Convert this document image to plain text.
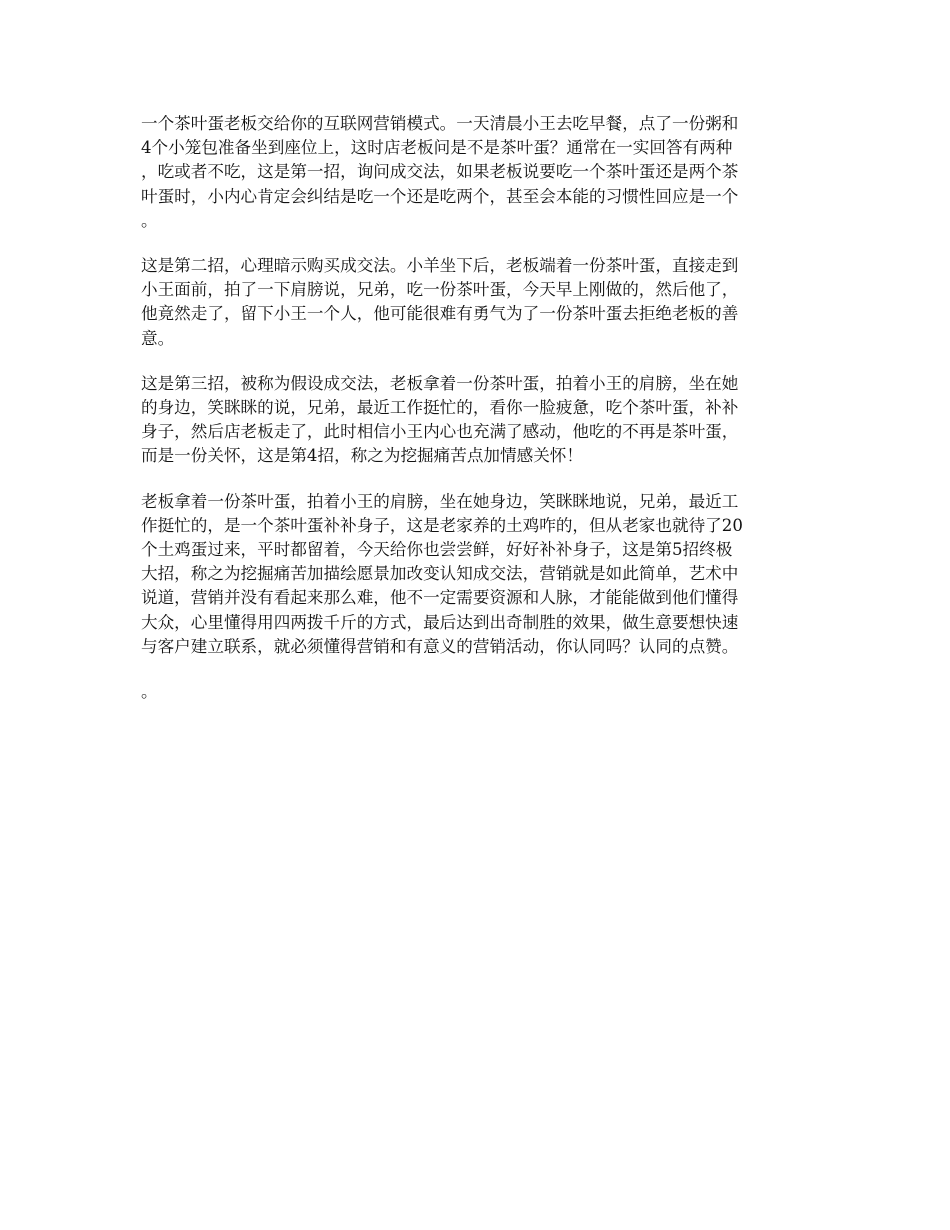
一个茶叶蛋老板交给你的互联网营销模式。一天清晨小王去吃早餐，点了一份粥和
4个小笼包准备坐到座位上，这时店老板问是不是茶叶蛋？通常在一实回答有两种
，吃或者不吃，这是第一招，询问成交法，如果老板说要吃一个茶叶蛋还是两个茶
叶蛋时，小内心肯定会纠结是吃一个还是吃两个，甚至会本能的习惯性回应是一个
。

这是第二招，心理暗示购买成交法。小羊坐下后，老板端着一份茶叶蛋，直接走到
小王面前，拍了一下肩膀说，兄弟，吃一份茶叶蛋，今天早上刚做的，然后他了，
他竟然走了，留下小王一个人，他可能很难有勇气为了一份茶叶蛋去拒绝老板的善
意。

这是第三招，被称为假设成交法，老板拿着一份茶叶蛋，拍着小王的肩膀，坐在她
的身边，笑眯眯的说，兄弟，最近工作挺忙的，看你一脸疲惫，吃个茶叶蛋，补补
身子，然后店老板走了，此时相信小王内心也充满了感动，他吃的不再是茶叶蛋，
而是一份关怀，这是第4招，称之为挖掘痛苦点加情感关怀！

老板拿着一份茶叶蛋，拍着小王的肩膀，坐在她身边，笑眯眯地说，兄弟，最近工
作挺忙的，是一个茶叶蛋补补身子，这是老家养的土鸡咋的，但从老家也就待了20
个土鸡蛋过来，平时都留着，今天给你也尝尝鲜，好好补补身子，这是第5招终极
大招，称之为挖掘痛苦加描绘愿景加改变认知成交法，营销就是如此简单，艺术中
说道，营销并没有看起来那么难，他不一定需要资源和人脉，才能能做到他们懂得
大众，心里懂得用四两拨千斤的方式，最后达到出奇制胜的效果，做生意要想快速
与客户建立联系，就必须懂得营销和有意义的营销活动，你认同吗？认同的点赞。

。
